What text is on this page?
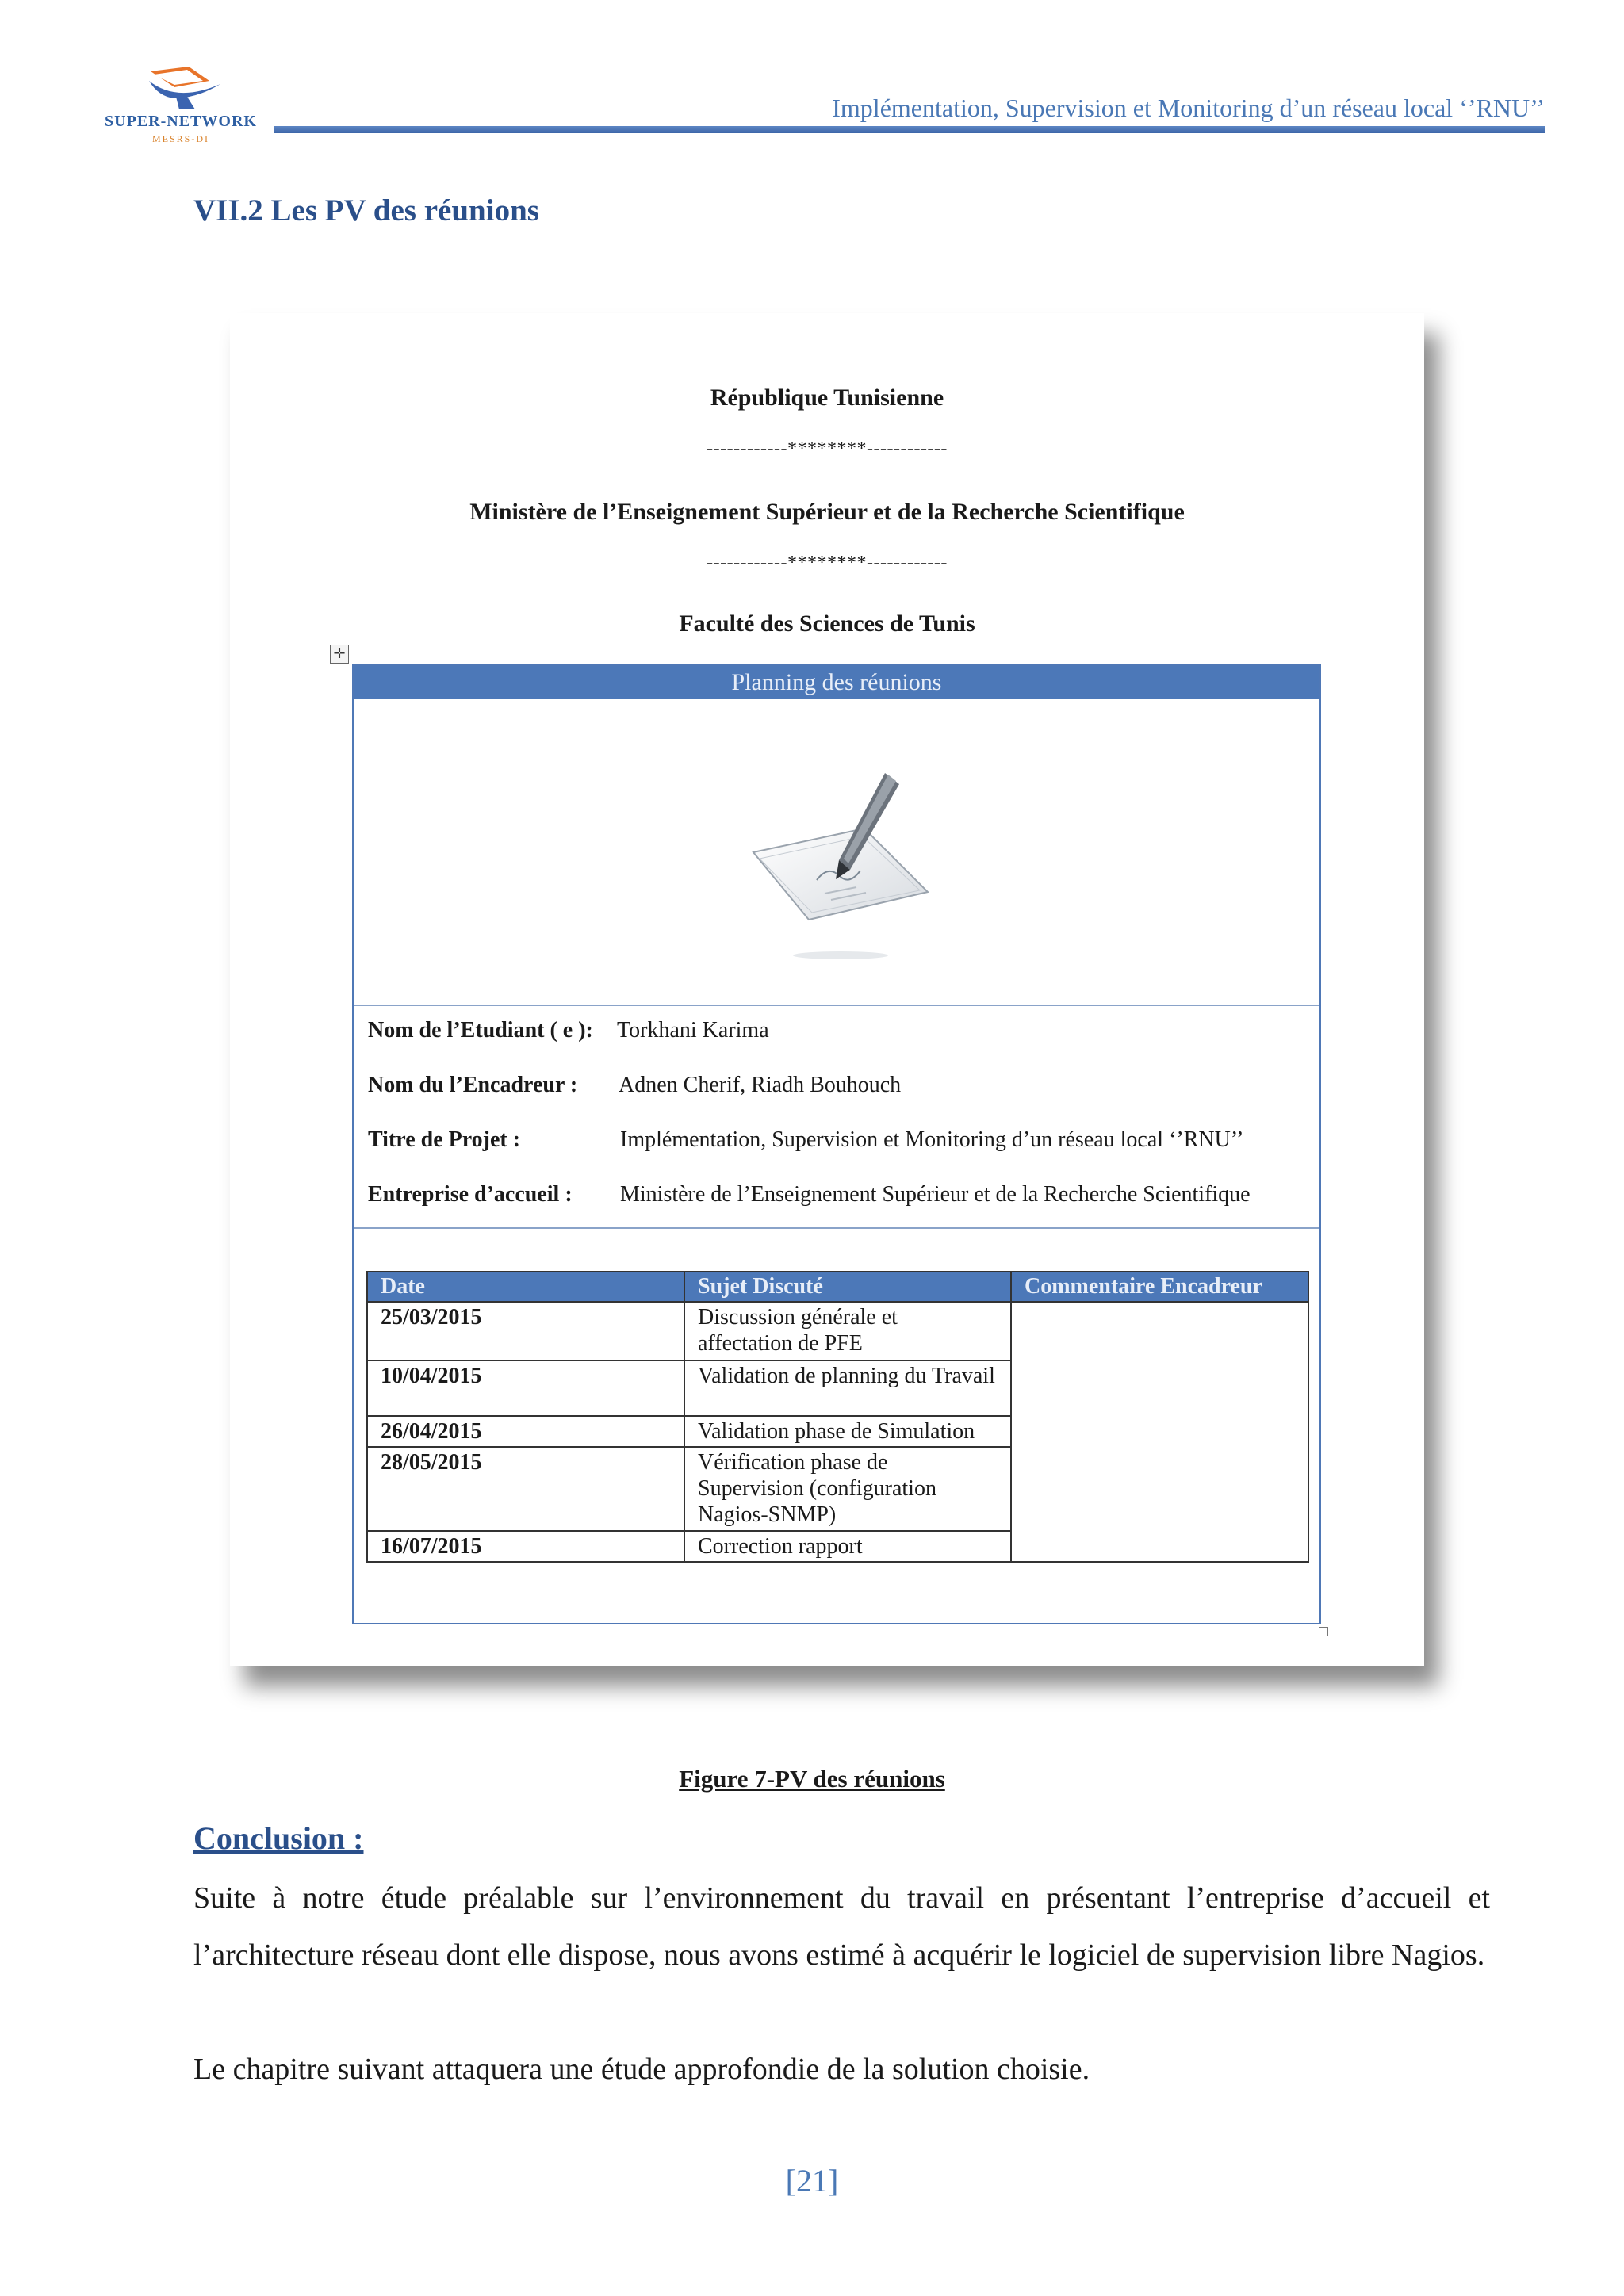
SUPER-NETWORK
MESRS-DI
Implémentation, Supervision et Monitoring d’un réseau local ‘’RNU’’
VII.2 Les PV des réunions
République Tunisienne
------------********------------
Ministère de l’Enseignement Supérieur et de la Recherche Scientifique
------------********------------
Faculté des Sciences de Tunis
✛
Planning des réunions
Nom de l’Etudiant ( e ): Torkhani Karima
Nom du l’Encadreur : Adnen Cherif, Riadh Bouhouch
Titre de Projet :	Implémentation, Supervision et Monitoring d’un réseau local ‘’RNU’’
Entreprise d’accueil : Ministère de l’Enseignement Supérieur et de la Recherche Scientifique
Date	Sujet Discuté	Commentaire Encadreur
25/03/2015	Discussion générale et affectation de PFE	
10/04/2015	Validation de planning du Travail	
26/04/2015	Validation phase de Simulation	
28/05/2015	Vérification phase de Supervision (configuration Nagios-SNMP)	
16/07/2015	Correction rapport	
Figure 7-PV des réunions
Conclusion :
Suite à notre étude préalable sur l’environnement du travail en présentant l’entreprise d’accueil et l’architecture réseau dont elle dispose, nous avons estimé à acquérir le logiciel de supervision libre Nagios.
Le chapitre suivant attaquera une étude approfondie de la solution choisie.
[21]
